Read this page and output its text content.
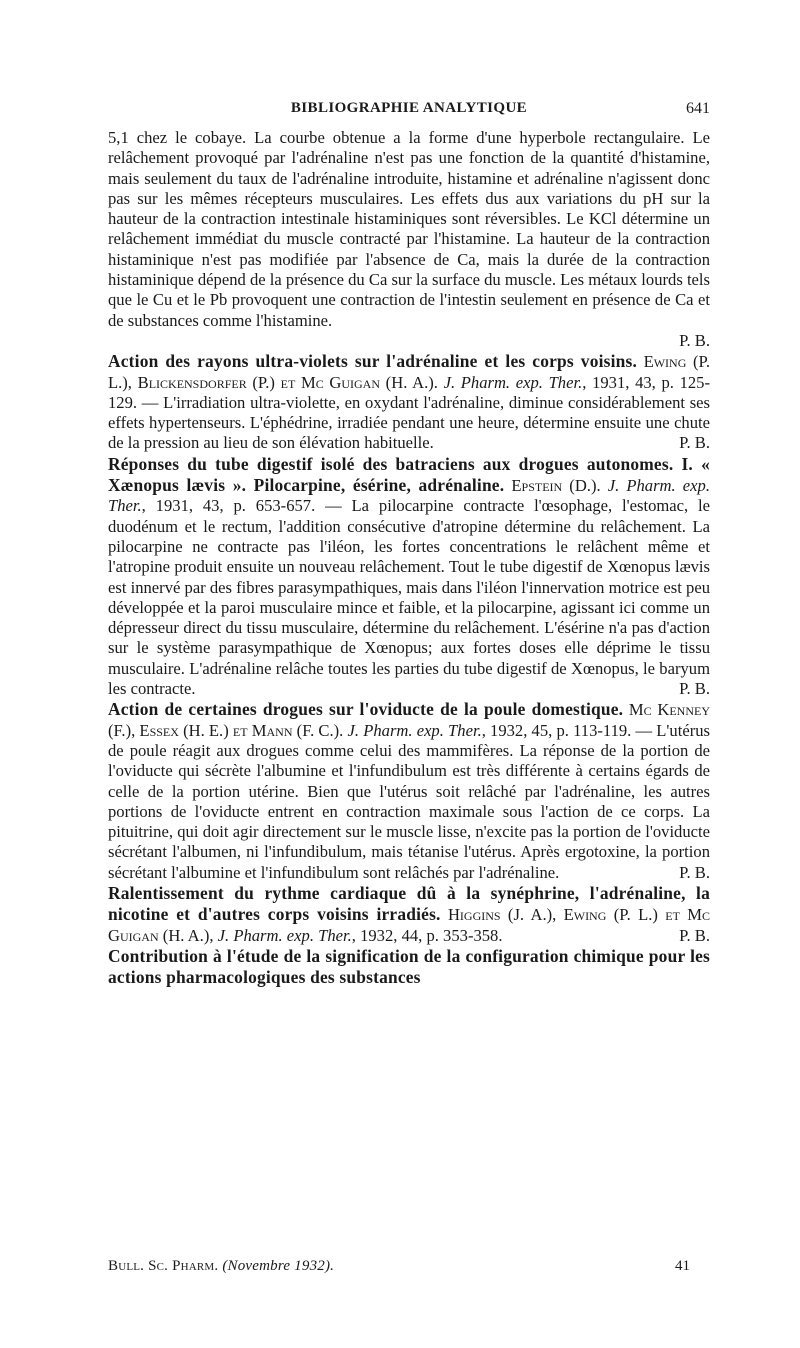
BIBLIOGRAPHIE ANALYTIQUE	641

5,1 chez le cobaye. La courbe obtenue a la forme d'une hyperbole rectangulaire. Le relâchement provoqué par l'adrénaline n'est pas une fonction de la quantité d'histamine, mais seulement du taux de l'adrénaline introduite, histamine et adrénaline n'agissent donc pas sur les mêmes récepteurs musculaires. Les effets dus aux variations du pH sur la hauteur de la contraction intestinale histaminiques sont réversibles. Le KCl détermine un relâchement immédiat du muscle contracté par l'histamine. La hauteur de la contraction histaminique n'est pas modifiée par l'absence de Ca, mais la durée de la contraction histaminique dépend de la présence du Ca sur la surface du muscle. Les métaux lourds tels que le Cu et le Pb provoquent une contraction de l'intestin seulement en présence de Ca et de substances comme l'histamine.
P. B.

Action des rayons ultra-violets sur l'adrénaline et les corps voisins. Ewing (P. L.), Blickensdorfer (P.) et Mc Guigan (H. A.). J. Pharm. exp. Ther., 1931, 43, p. 125-129. — L'irradiation ultra-violette, en oxydant l'adrénaline, diminue considérablement ses effets hypertenseurs. L'éphédrine, irradiée pendant une heure, détermine ensuite une chute de la pression au lieu de son élévation habituelle.	P. B.

Réponses du tube digestif isolé des batraciens aux drogues autonomes. I. « Xænopus lævis ». Pilocarpine, ésérine, adrénaline. Epstein (D.). J. Pharm. exp. Ther., 1931, 43, p. 653-657. — La pilocarpine contracte l'œsophage, l'estomac, le duodénum et le rectum, l'addition consécutive d'atropine détermine du relâchement. La pilocarpine ne contracte pas l'iléon, les fortes concentrations le relâchent même et l'atropine produit ensuite un nouveau relâchement. Tout le tube digestif de Xœnopus lævis est innervé par des fibres parasympathiques, mais dans l'iléon l'innervation motrice est peu développée et la paroi musculaire mince et faible, et la pilocarpine, agissant ici comme un dépresseur direct du tissu musculaire, détermine du relâchement. L'ésérine n'a pas d'action sur le système parasympathique de Xœnopus; aux fortes doses elle déprime le tissu musculaire. L'adrénaline relâche toutes les parties du tube digestif de Xœnopus, le baryum les contracte.	P. B.

Action de certaines drogues sur l'oviducte de la poule domestique. Mc Kenney (F.), Essex (H. E.) et Mann (F. C.). J. Pharm. exp. Ther., 1932, 45, p. 113-119. — L'utérus de poule réagit aux drogues comme celui des mammifères. La réponse de la portion de l'oviducte qui sécrète l'albumine et l'infundibulum est très différente à certains égards de celle de la portion utérine. Bien que l'utérus soit relâché par l'adrénaline, les autres portions de l'oviducte entrent en contraction maximale sous l'action de ce corps. La pituitrine, qui doit agir directement sur le muscle lisse, n'excite pas la portion de l'oviducte sécrétant l'albumen, ni l'infundibulum, mais tétanise l'utérus. Après ergotoxine, la portion sécrétant l'albumine et l'infundibulum sont relâchés par l'adrénaline.	P. B.

Ralentissement du rythme cardiaque dû à la synéphrine, l'adrénaline, la nicotine et d'autres corps voisins irradiés. Higgins (J. A.), Ewing (P. L.) et Mc Guigan (H. A.), J. Pharm. exp. Ther., 1932, 44, p. 353-358.	P. B.

Contribution à l'étude de la signification de la configuration chimique pour les actions pharmacologiques des substances

Bull. Sc. Pharm. (Novembre 1932).	41
